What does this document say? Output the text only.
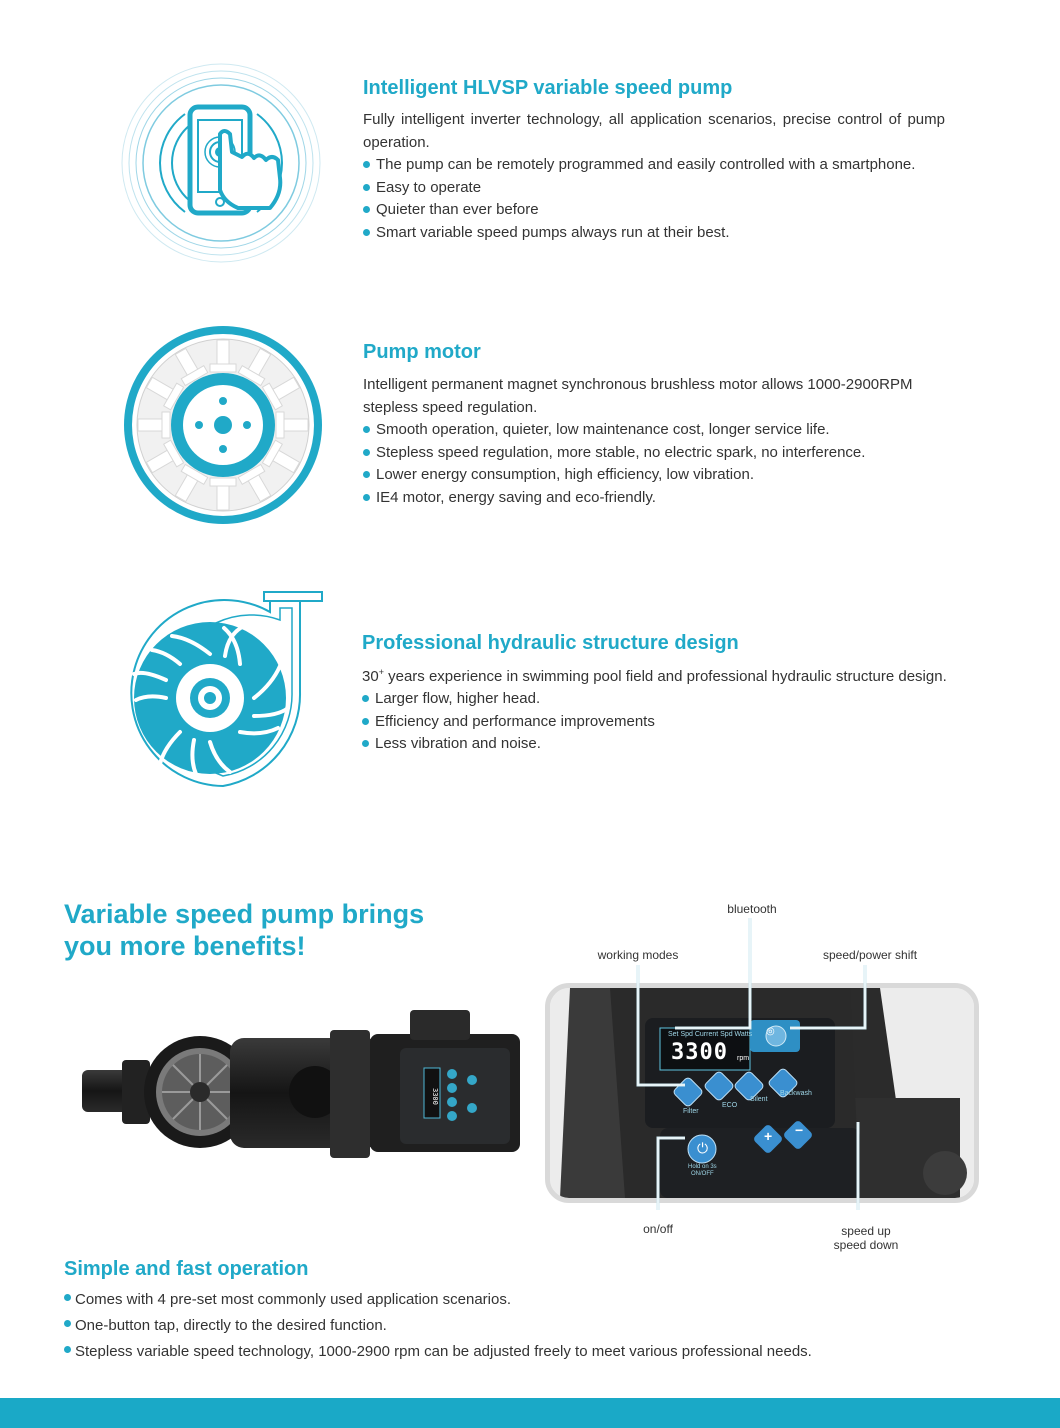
Intelligent HLVSP variable speed pump

Fully intelligent inverter technology, all application scenarios, precise control of pump operation.

The pump can be remotely programmed and easily controlled with a smartphone.
Easy to operate
Quieter than ever before
Smart variable speed pumps always run at their best.
Pump motor

Intelligent permanent magnet synchronous brushless motor allows 1000-2900RPM stepless speed regulation.

Smooth operation, quieter, low maintenance cost, longer service life.
Stepless speed regulation, more stable, no electric spark, no interference.
Lower energy consumption, high efficiency, low vibration.
IE4 motor, energy saving and eco-friendly.
Professional hydraulic structure design

30+ years experience in swimming pool field and professional hydraulic structure design.

Larger flow, higher head.
Efficiency and performance improvements
Less vibration and noise.
Variable speed pump brings
you more benefits!
3300
bluetooth
working modes	speed/power shift
Set Spd Current Spd Watts
3300 rpm
Filter
ECO
Silent
Backwash
Hold on 3s
ON/OFF
⏻
+ −
◎
on/off	speed up
speed down
Simple and fast operation
Comes with 4 pre-set most commonly used application scenarios.
One-button tap, directly to the desired function.
Stepless variable speed technology, 1000-2900 rpm can be adjusted freely to meet various professional needs.
